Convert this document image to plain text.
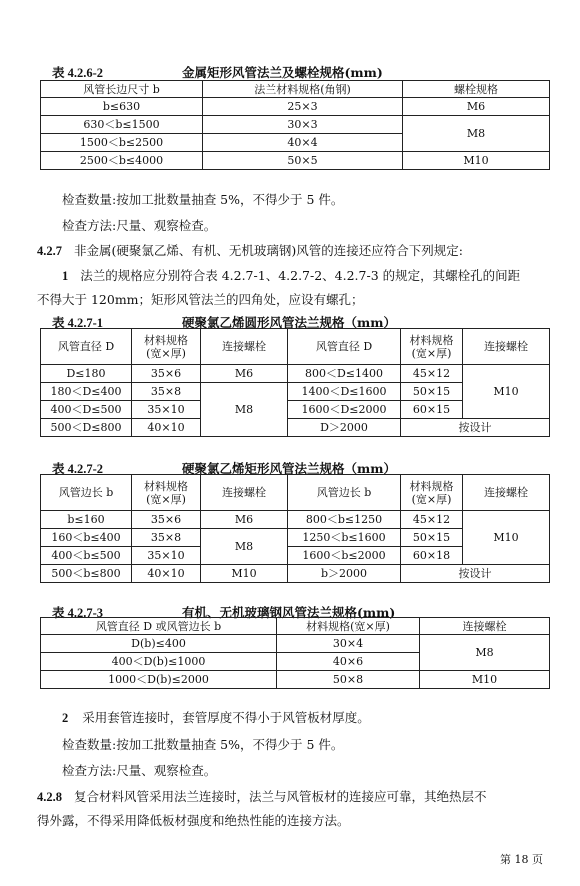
表 4.2.6-2	金属矩形风管法兰及螺栓规格(mm)
风管长边尺寸 b	法兰材料规格(角钢)	螺栓规格
b≤630	25×3	M6
630＜b≤1500	30×3	M8
1500＜b≤2500	40×4	
2500＜b≤4000	50×5	M10
检查数量:按加工批数量抽查 5%，不得少于 5 件。
检查方法:尺量、观察检查。
4.2.7 非金属(硬聚氯乙烯、有机、无机玻璃钢)风管的连接还应符合下列规定:
1 法兰的规格应分别符合表 4.2.7-1、4.2.7-2、4.2.7-3 的规定，其螺栓孔的间距
不得大于 120mm；矩形风管法兰的四角处，应设有螺孔；
表 4.2.7-1	硬聚氯乙烯圆形风管法兰规格（mm）
风管直径 D	材料规格
(宽×厚)	连接螺栓	风管直径 D	材料规格
(宽×厚)	连接螺栓
D≤180	35×6	M6	800＜D≤1400	45×12	M10
180＜D≤400	35×8	M8	1400＜D≤1600	50×15	
400＜D≤500	35×10		1600＜D≤2000	60×15	
500＜D≤800	40×10		D＞2000	按设计	
表 4.2.7-2	硬聚氯乙烯矩形风管法兰规格（mm）
风管边长 b	材料规格
(宽×厚)	连接螺栓	风管边长 b	材料规格
(宽×厚)	连接螺栓
b≤160	35×6	M6	800＜b≤1250	45×12	M10
160＜b≤400	35×8	M8	1250＜b≤1600	50×15	
400＜b≤500	35×10		1600＜b≤2000	60×18	
500＜b≤800	40×10	M10	b＞2000	按设计	
表 4.2.7-3	有机、无机玻璃钢风管法兰规格(mm)
风管直径 D 或风管边长 b	材料规格(宽×厚)	连接螺栓
D(b)≤400	30×4	M8
400＜D(b)≤1000	40×6	
1000＜D(b)≤2000	50×8	M10
2 采用套管连接时，套管厚度不得小于风管板材厚度。
检查数量:按加工批数量抽查 5%，不得少于 5 件。
检查方法:尺量、观察检查。
4.2.8 复合材料风管采用法兰连接时，法兰与风管板材的连接应可靠，其绝热层不
得外露，不得采用降低板材强度和绝热性能的连接方法。
第 18 页
